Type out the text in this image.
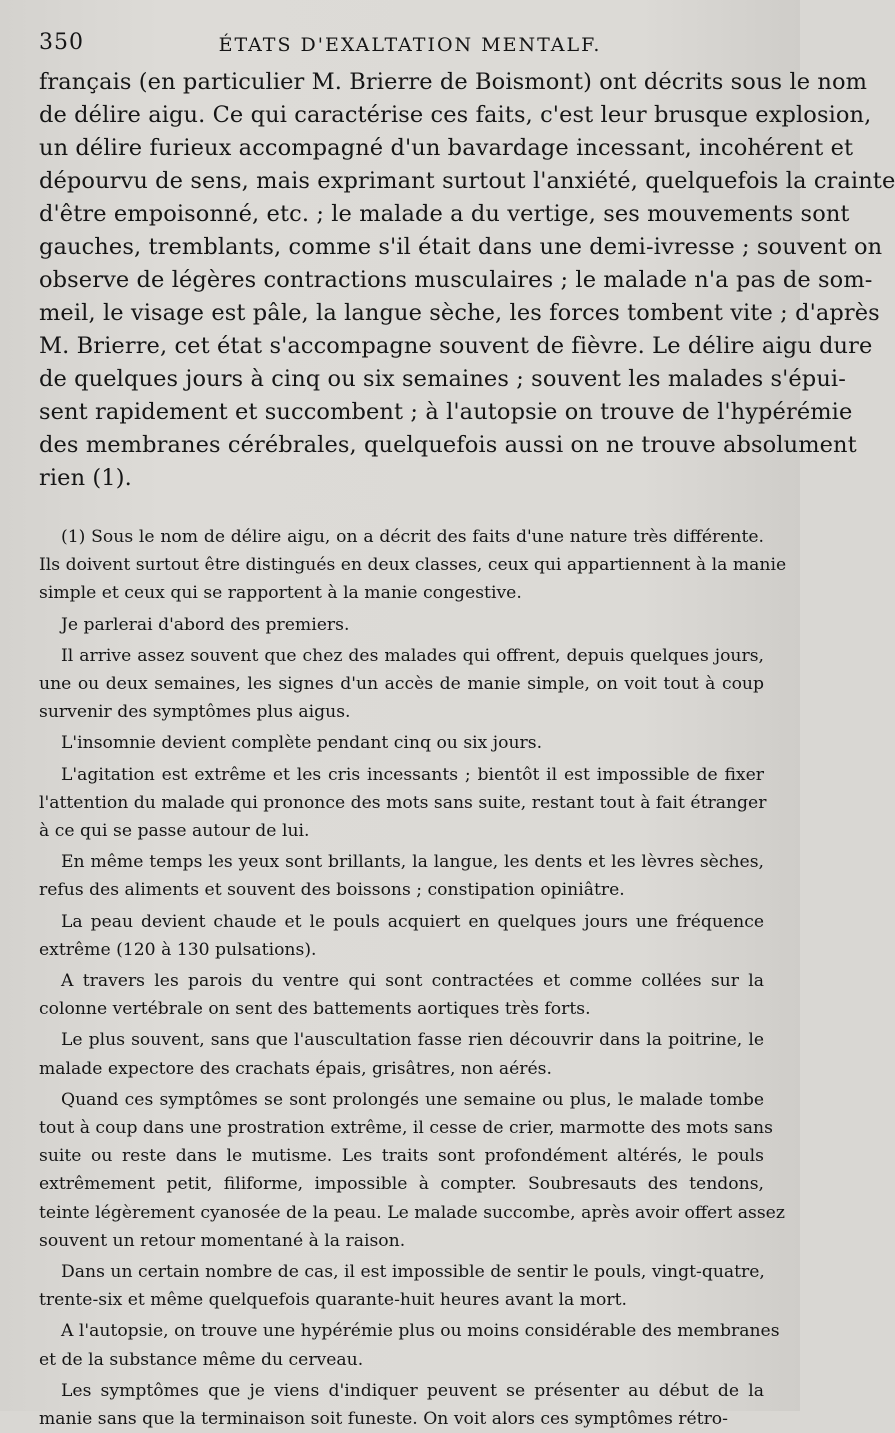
350	ÉTATS D'EXALTATION MENTALF.

français (en particulier M. Brierre de Boismont) ont décrits sous le nom
de délire aigu. Ce qui caractérise ces faits, c'est leur brusque explosion,
un délire furieux accompagné d'un bavardage incessant, incohérent et
dépourvu de sens, mais exprimant surtout l'anxiété, quelquefois la crainte
d'être empoisonné, etc. ; le malade a du vertige, ses mouvements sont
gauches, tremblants, comme s'il était dans une demi-ivresse ; souvent on
observe de légères contractions musculaires ; le malade n'a pas de som-
meil, le visage est pâle, la langue sèche, les forces tombent vite ; d'après
M. Brierre, cet état s'accompagne souvent de fièvre. Le délire aigu dure
de quelques jours à cinq ou six semaines ; souvent les malades s'épui-
sent rapidement et succombent ; à l'autopsie on trouve de l'hypérémie
des membranes cérébrales, quelquefois aussi on ne trouve absolument
rien (1).

(1) Sous le nom de délire aigu, on a décrit des faits d'une nature très différente.
Ils doivent surtout être distingués en deux classes, ceux qui appartiennent à la manie
simple et ceux qui se rapportent à la manie congestive.
Je parlerai d'abord des premiers.
Il arrive assez souvent que chez des malades qui offrent, depuis quelques jours,
une ou deux semaines, les signes d'un accès de manie simple, on voit tout à coup
survenir des symptômes plus aigus.
L'insomnie devient complète pendant cinq ou six jours.
L'agitation est extrême et les cris incessants ; bientôt il est impossible de fixer
l'attention du malade qui prononce des mots sans suite, restant tout à fait étranger
à ce qui se passe autour de lui.
En même temps les yeux sont brillants, la langue, les dents et les lèvres sèches,
refus des aliments et souvent des boissons ; constipation opiniâtre.
La peau devient chaude et le pouls acquiert en quelques jours une fréquence
extrême (120 à 130 pulsations).
A travers les parois du ventre qui sont contractées et comme collées sur la
colonne vertébrale on sent des battements aortiques très forts.
Le plus souvent, sans que l'auscultation fasse rien découvrir dans la poitrine, le
malade expectore des crachats épais, grisâtres, non aérés.
Quand ces symptômes se sont prolongés une semaine ou plus, le malade tombe
tout à coup dans une prostration extrême, il cesse de crier, marmotte des mots sans
suite ou reste dans le mutisme. Les traits sont profondément altérés, le pouls
extrêmement petit, filiforme, impossible à compter. Soubresauts des tendons,
teinte légèrement cyanosée de la peau. Le malade succombe, après avoir offert assez
souvent un retour momentané à la raison.
Dans un certain nombre de cas, il est impossible de sentir le pouls, vingt-quatre,
trente-six et même quelquefois quarante-huit heures avant la mort.
A l'autopsie, on trouve une hypérémie plus ou moins considérable des membranes
et de la substance même du cerveau.
Les symptômes que je viens d'indiquer peuvent se présenter au début de la
manie sans que la terminaison soit funeste. On voit alors ces symptômes rétro-
